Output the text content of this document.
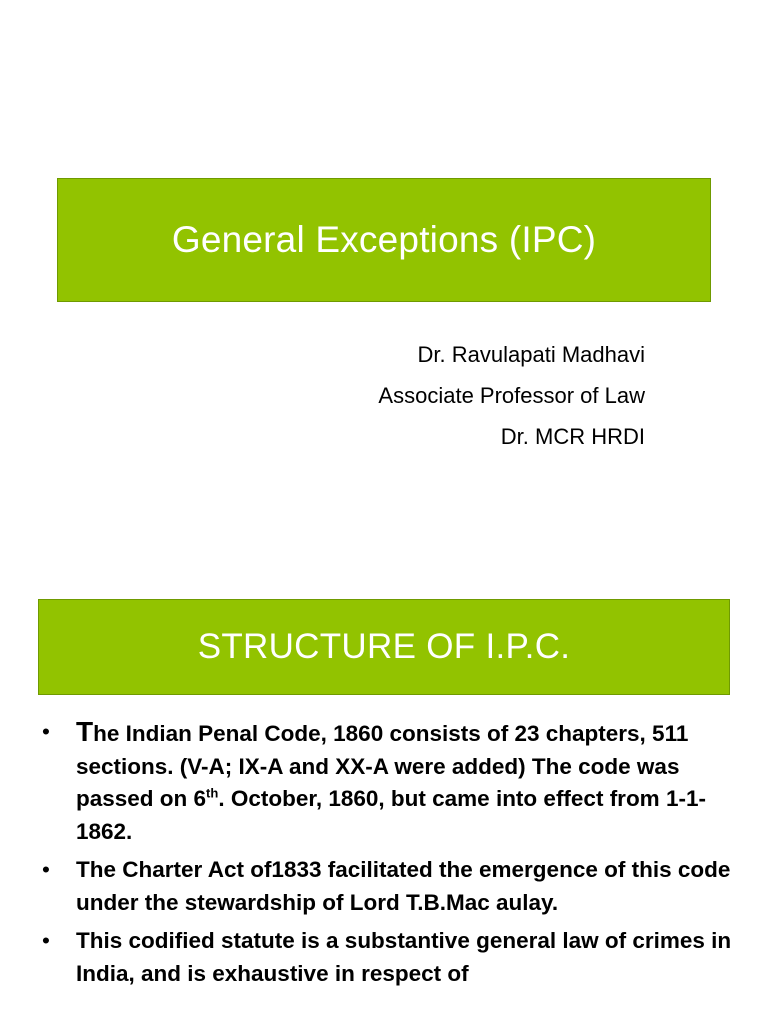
General Exceptions (IPC)
Dr. Ravulapati Madhavi
Associate Professor of Law
Dr. MCR HRDI
STRUCTURE OF I.P.C.
• The Indian Penal Code, 1860 consists of 23 chapters, 511 sections. (V-A; IX-A and XX-A were added) The code was passed on 6th. October, 1860, but came into effect from 1-1-1862.
• The Charter Act of1833 facilitated the emergence of this code under the stewardship of Lord T.B.Mac aulay.
• This codified statute is a substantive general law of crimes in India, and is exhaustive in respect of
